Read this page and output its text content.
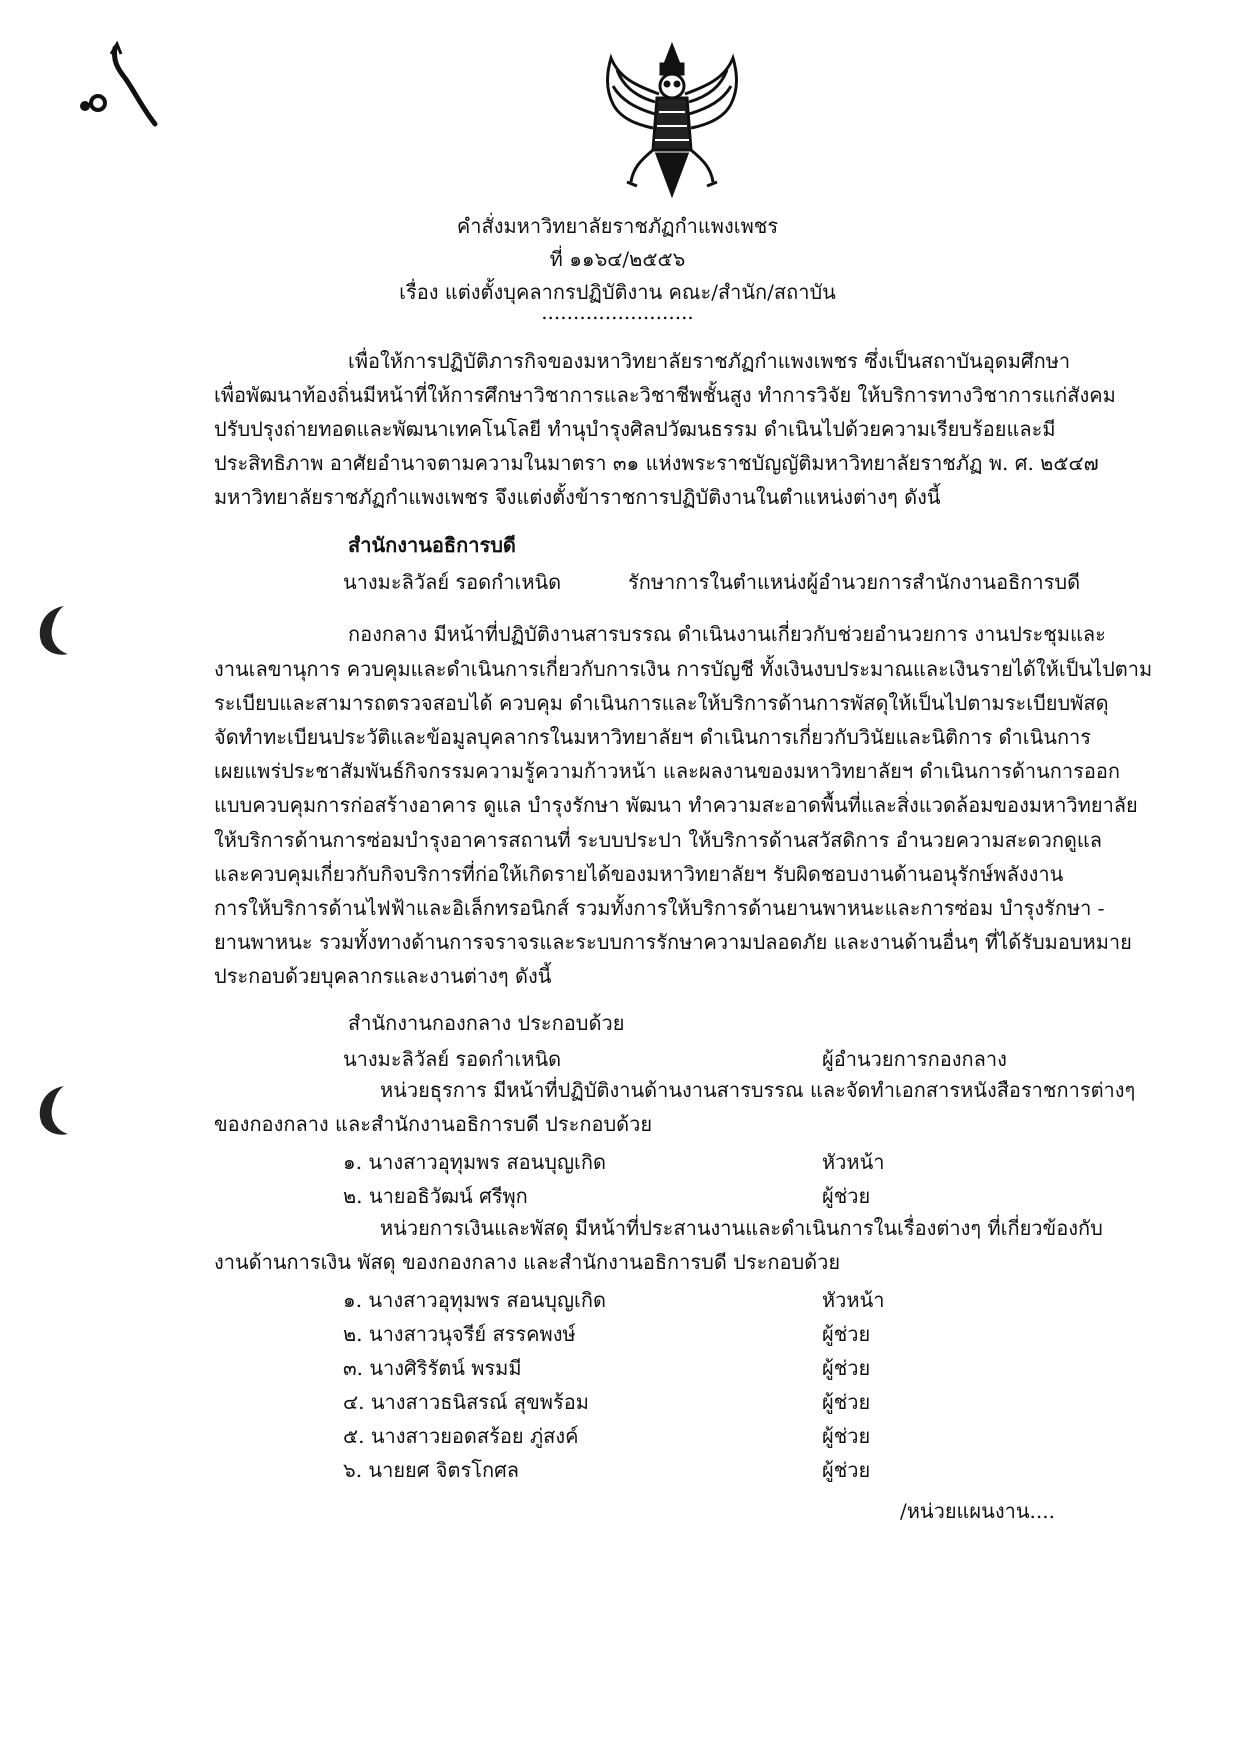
คำสั่งมหาวิทยาลัยราชภัฏกำแพงเพชร
ที่ ๑๑๖๔/๒๕๕๖
เรื่อง แต่งตั้งบุคลากรปฏิบัติงาน คณะ/สำนัก/สถาบัน
........................
เพื่อให้การปฏิบัติภารกิจของมหาวิทยาลัยราชภัฏกำแพงเพชร ซึ่งเป็นสถาบันอุดมศึกษา
เพื่อพัฒนาท้องถิ่นมีหน้าที่ให้การศึกษาวิชาการและวิชาชีพชั้นสูง ทำการวิจัย ให้บริการทางวิชาการแก่สังคม
ปรับปรุงถ่ายทอดและพัฒนาเทคโนโลยี ทำนุบำรุงศิลปวัฒนธรรม ดำเนินไปด้วยความเรียบร้อยและมี
ประสิทธิภาพ อาศัยอำนาจตามความในมาตรา ๓๑ แห่งพระราชบัญญัติมหาวิทยาลัยราชภัฏ พ. ศ. ๒๕๔๗
มหาวิทยาลัยราชภัฏกำแพงเพชร จึงแต่งตั้งข้าราชการปฏิบัติงานในตำแหน่งต่างๆ ดังนี้
สำนักงานอธิการบดี
นางมะลิวัลย์ รอดกำเหนิด	รักษาการในตำแหน่งผู้อำนวยการสำนักงานอธิการบดี
กองกลาง มีหน้าที่ปฏิบัติงานสารบรรณ ดำเนินงานเกี่ยวกับช่วยอำนวยการ งานประชุมและ
งานเลขานุการ ควบคุมและดำเนินการเกี่ยวกับการเงิน การบัญชี ทั้งเงินงบประมาณและเงินรายได้ให้เป็นไปตาม
ระเบียบและสามารถตรวจสอบได้ ควบคุม ดำเนินการและให้บริการด้านการพัสดุให้เป็นไปตามระเบียบพัสดุ
จัดทำทะเบียนประวัติและข้อมูลบุคลากรในมหาวิทยาลัยฯ ดำเนินการเกี่ยวกับวินัยและนิติการ ดำเนินการ
เผยแพร่ประชาสัมพันธ์กิจกรรมความรู้ความก้าวหน้า และผลงานของมหาวิทยาลัยฯ ดำเนินการด้านการออก
แบบควบคุมการก่อสร้างอาคาร ดูแล บำรุงรักษา พัฒนา ทำความสะอาดพื้นที่และสิ่งแวดล้อมของมหาวิทยาลัย
ให้บริการด้านการซ่อมบำรุงอาคารสถานที่ ระบบประปา ให้บริการด้านสวัสดิการ อำนวยความสะดวกดูแล
และควบคุมเกี่ยวกับกิจบริการที่ก่อให้เกิดรายได้ของมหาวิทยาลัยฯ รับผิดชอบงานด้านอนุรักษ์พลังงาน
การให้บริการด้านไฟฟ้าและอิเล็กทรอนิกส์ รวมทั้งการให้บริการด้านยานพาหนะและการซ่อม บำรุงรักษา -
ยานพาหนะ รวมทั้งทางด้านการจราจรและระบบการรักษาความปลอดภัย และงานด้านอื่นๆ ที่ได้รับมอบหมาย
ประกอบด้วยบุคลากรและงานต่างๆ ดังนี้
สำนักงานกองกลาง ประกอบด้วย
นางมะลิวัลย์ รอดกำเหนิด	ผู้อำนวยการกองกลาง
หน่วยธุรการ มีหน้าที่ปฏิบัติงานด้านงานสารบรรณ และจัดทำเอกสารหนังสือราชการต่างๆ
ของกองกลาง และสำนักงานอธิการบดี ประกอบด้วย
๑. นางสาวอุทุมพร สอนบุญเกิด	หัวหน้า
๒. นายอธิวัฒน์ ศรีพุก	ผู้ช่วย
หน่วยการเงินและพัสดุ มีหน้าที่ประสานงานและดำเนินการในเรื่องต่างๆ ที่เกี่ยวข้องกับ
งานด้านการเงิน พัสดุ ของกองกลาง และสำนักงานอธิการบดี ประกอบด้วย
๑. นางสาวอุทุมพร สอนบุญเกิด	หัวหน้า
๒. นางสาวนุจรีย์ สรรคพงษ์	ผู้ช่วย
๓. นางศิริรัตน์ พรมมี	ผู้ช่วย
๔. นางสาวธนิสรณ์ สุขพร้อม	ผู้ช่วย
๕. นางสาวยอดสร้อย ภู่สงค์	ผู้ช่วย
๖. นายยศ จิตรโกศล	ผู้ช่วย
/หน่วยแผนงาน....
